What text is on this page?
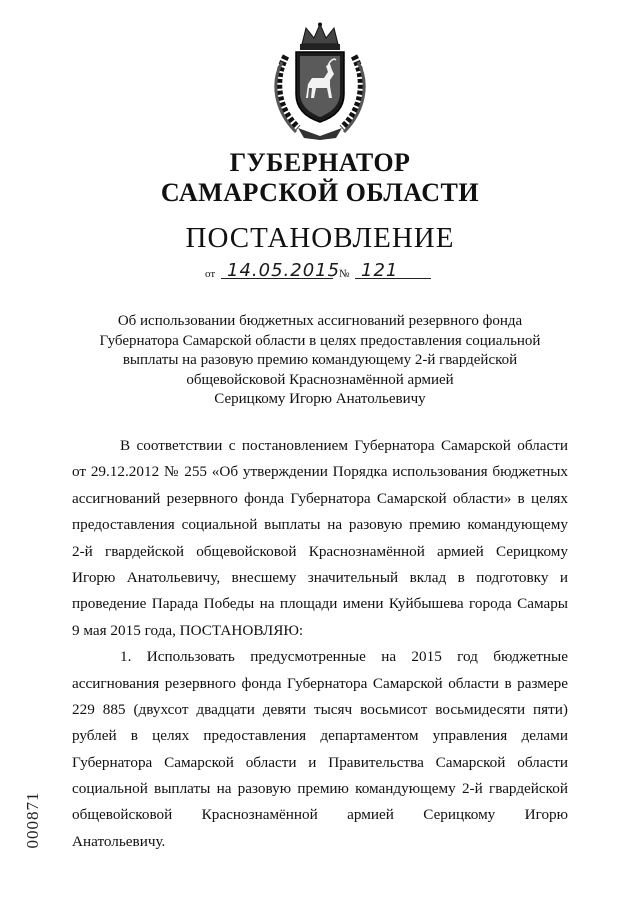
ГУБЕРНАТОР
САМАРСКОЙ ОБЛАСТИ
ПОСТАНОВЛЕНИЕ
от 14.05.2015
№ 121
Об использовании бюджетных ассигнований резервного фонда
Губернатора Самарской области в целях предоставления социальной
выплаты на разовую премию командующему 2-й гвардейской
общевойсковой Краснознамённой армией
Серицкому Игорю Анатольевичу
В соответствии с постановлением Губернатора Самарской области
от 29.12.2012 № 255 «Об утверждении Порядка использования бюджетных
ассигнований резервного фонда Губернатора Самарской области» в целях
предоставления социальной выплаты на разовую премию командующему
2-й гвардейской общевойсковой Краснознамённой армией Серицкому
Игорю Анатольевичу, внесшему значительный вклад в подготовку и
проведение Парада Победы на площади имени Куйбышева города Самары
9 мая 2015 года, ПОСТАНОВЛЯЮ:
1. Использовать предусмотренные на 2015 год бюджетные
ассигнования резервного фонда Губернатора Самарской области в размере
229 885 (двухсот двадцати девяти тысяч восьмисот восьмидесяти пяти)
рублей в целях предоставления департаментом управления делами
Губернатора Самарской области и Правительства Самарской области
социальной выплаты на разовую премию командующему 2-й гвардейской
общевойсковой Краснознамённой армией Серицкому Игорю
Анатольевичу.
000871
